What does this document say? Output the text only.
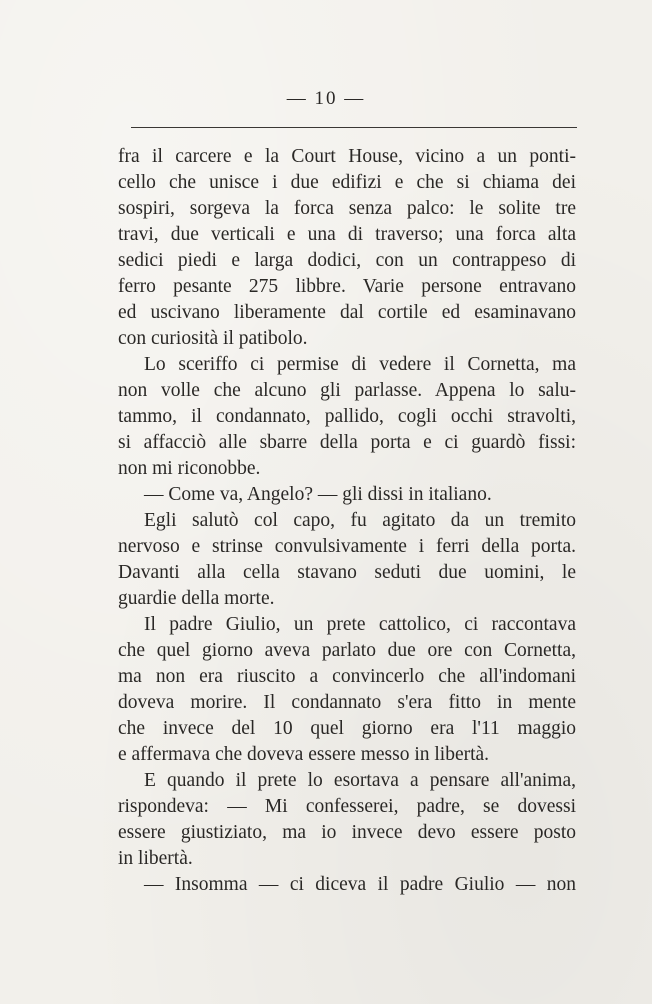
— 10 —
fra il carcere e la Court House, vicino a un ponti-
cello che unisce i due edifizi e che si chiama dei
sospiri, sorgeva la forca senza palco: le solite tre
travi, due verticali e una di traverso; una forca alta
sedici piedi e larga dodici, con un contrappeso di
ferro pesante 275 libbre. Varie persone entravano
ed uscivano liberamente dal cortile ed esaminavano
con curiosità il patibolo.
Lo sceriffo ci permise di vedere il Cornetta, ma
non volle che alcuno gli parlasse. Appena lo salu-
tammo, il condannato, pallido, cogli occhi stravolti,
si affacciò alle sbarre della porta e ci guardò fissi:
non mi riconobbe.
— Come va, Angelo? — gli dissi in italiano.
Egli salutò col capo, fu agitato da un tremito
nervoso e strinse convulsivamente i ferri della porta.
Davanti alla cella stavano seduti due uomini, le
guardie della morte.
Il padre Giulio, un prete cattolico, ci raccontava
che quel giorno aveva parlato due ore con Cornetta,
ma non era riuscito a convincerlo che all'indomani
doveva morire. Il condannato s'era fitto in mente
che invece del 10 quel giorno era l'11 maggio
e affermava che doveva essere messo in libertà.
E quando il prete lo esortava a pensare all'anima,
rispondeva: — Mi confesserei, padre, se dovessi
essere giustiziato, ma io invece devo essere posto
in libertà.
— Insomma — ci diceva il padre Giulio — non
